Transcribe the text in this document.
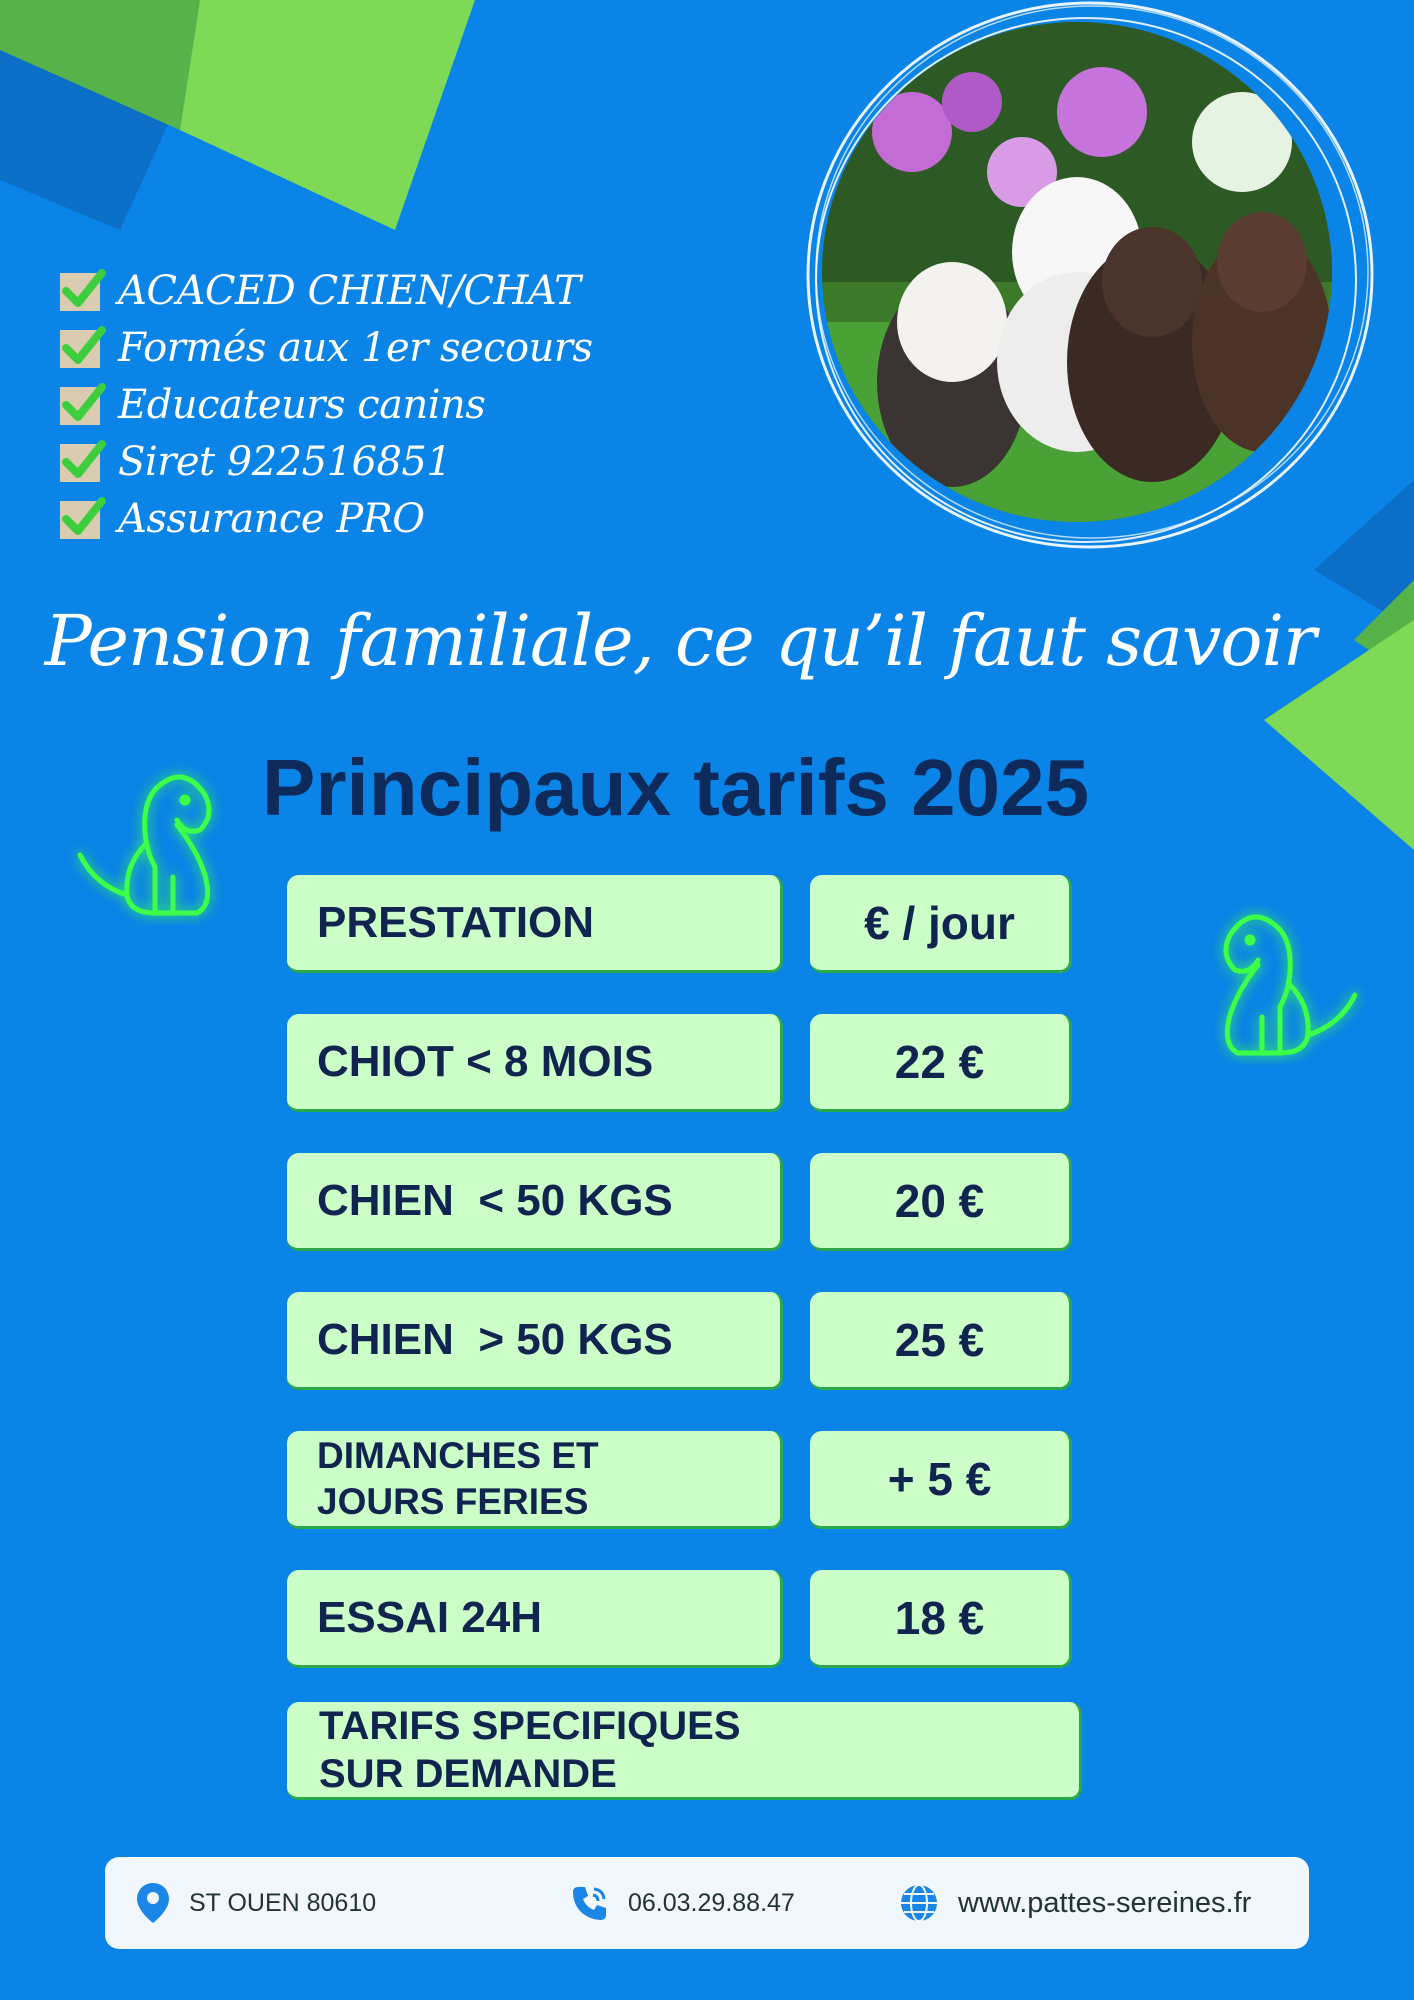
ACACED CHIEN/CHAT
Formés aux 1er secours
Educateurs canins
Siret 922516851
Assurance PRO
Pension familiale, ce qu’il faut savoir
Principaux tarifs 2025
PRESTATION	€ / jour
CHIOT < 8 MOIS	22 €
CHIEN  < 50 KGS	20 €
CHIEN  > 50 KGS	25 €
DIMANCHES ET JOURS FERIES	+ 5 €
ESSAI 24H	18 €
TARIFS SPECIFIQUES SUR DEMANDE
ST OUEN 80610	06.03.29.88.47	www.pattes-sereines.fr
